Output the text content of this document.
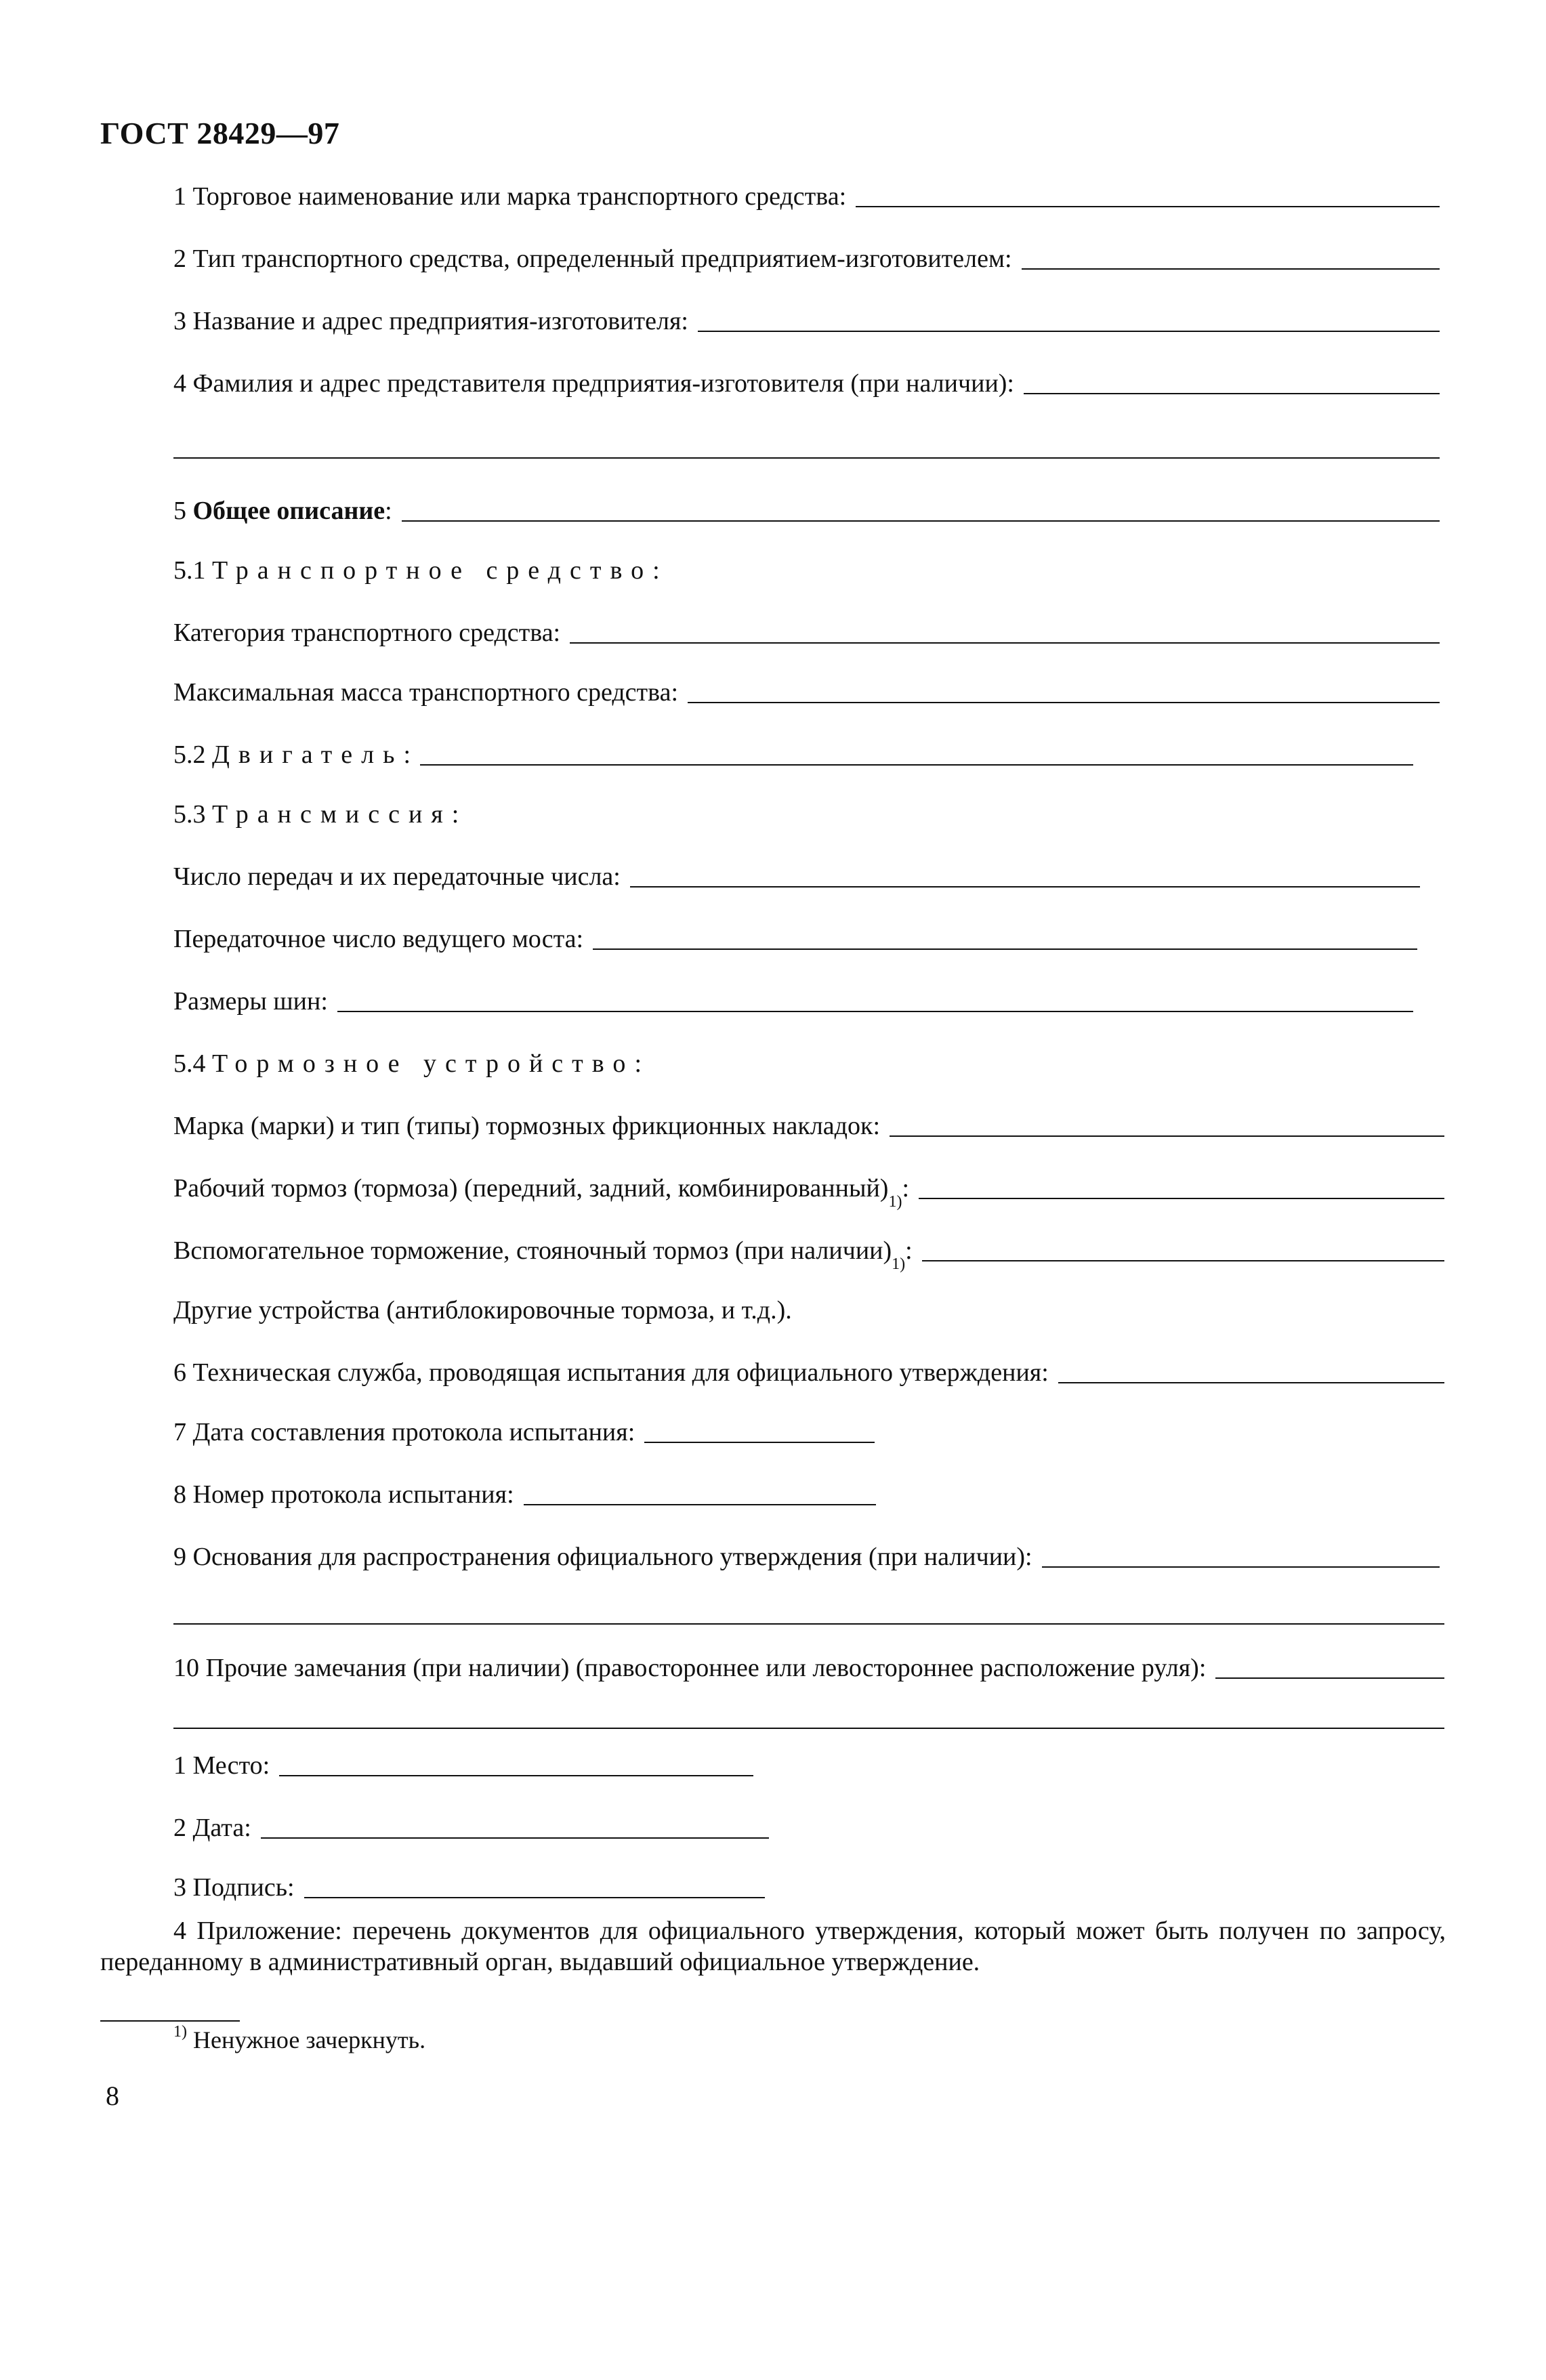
ГОСТ 28429—97
1 Торговое наименование или марка транспортного средства:
2 Тип транспортного средства, определенный предприятием-изготовителем:
3 Название и адрес предприятия-изготовителя:
4 Фамилия и адрес представителя предприятия-изготовителя (при наличии):
5
Общее описание :
5.1
Транспортное средство :
Категория транспортного средства:
Максимальная масса транспортного средства:
5.2
Двигатель :
5.3
Трансмиссия :
Число передач и их передаточные числа:
Передаточное число ведущего моста:
Размеры шин:
5.4
Тормозное устройство :
Марка (марки) и тип (типы) тормозных фрикционных накладок:
Рабочий тормоз (тормоза) (передний, задний, комбинированный)$^{1)}$ :
Вспомогательное торможение, стояночный тормоз (при наличии)$^{1)}$ :
Другие устройства (антиблокировочные тормоза, и т.д.).
6 Техническая служба, проводящая испытания для официального утверждения:
7 Дата составления протокола испытания:
8 Номер протокола испытания:
9 Основания для распространения официального утверждения (при наличии):
10 Прочие замечания (при наличии) (правостороннее или левостороннее расположение руля):
1 Место:
2 Дата:
3 Подпись:
4 Приложение: перечень документов для официального утверждения, который может быть получен по запросу, переданному в административный орган, выдавший официальное утверждение.
$^{1)}$ Ненужное зачеркнуть.
8
